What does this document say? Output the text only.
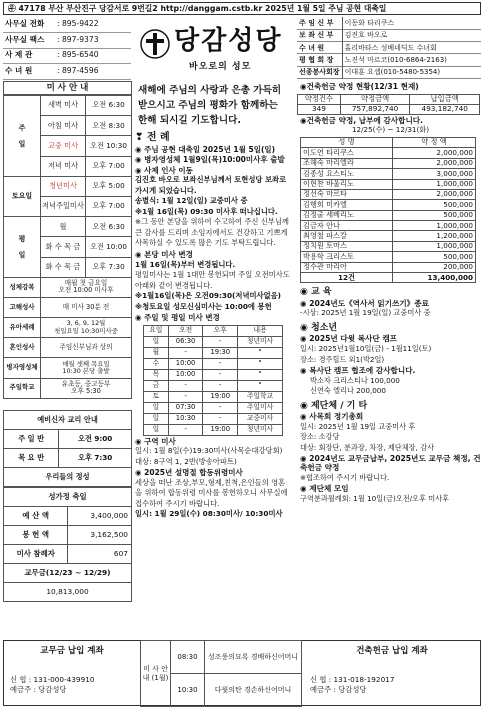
㉾ 47178 부산 부산진구 당감서로 9번길2 http://danggam.cstb.kr 2025년 1월 5일 주님 공현 대축일
사무실 전화	: 895-9422
사무실 팩스	: 897-9373
사 제 관	: 895-6540
수 녀 원	: 897-4596
당감성당
바오로의 성모
주 임 신 부	이동화 타리쿠스
보 좌 신 부	김진호 바오로
수 녀 원	홀리바타스 성베네딕도 수녀회
평 협 회 장	노진석 마르코(010-6864-2163)
선종봉사회장	이대훈 요셉(010-5480-5354)
미 사 안 내
주

일	새벽 미사	오전 6:30
	아침 미사	오전 8:30
	교중 미사	오전 10:30
	저녁 미사	오후 7:00
토요일	청년미사	오후 5:00
	저녁주일미사	오후 7:00
평

일	월	오전 6:30
	화 수 목 금	오전 10:00
	화 수 목 금	오후 7:30
성체강복	매월 첫 금요일
오전 10:00 미사후	
고해성사	매 미사 30분 전	
유아세례	3, 6, 9, 12월
첫일요일 10:30미사중	
혼인성사	주임신부님과 상의	
병자영성체	매월 셋째 목요일
10:30 본당 출발	
주일학교	유초등, 중고등부
오후 5:30	
예비신자 교리 안내	
주 일 반	오전 9:00
목 요 반	오후 7:30
우리들의 정성	
성가정 축일	
예 산 액	3,400,000
봉 헌 액	3,162,500
미사 참례자	607
교무금(12/23 ~ 12/29)	
10,813,000	
새해에 주님의 사랑과 은총 가득히 받으시고 주님의 평화가 함께하는 한해 되시길 기도합니다.
❣ 전 례
◉ 주님 공현 대축일 2025년 1월 5일(일)
◉ 병자영성체 1월9일(목)10:00미사후 출발
◉ 사제 인사 이동
김진호 바오로 보좌신부님께서 토현성당 보좌로 가시게 되었습니다.
송별식: 1월 12일(일) 교중미사 중
※1월 16일(목) 09:30 미사후 떠나십니다.
※그 동안 본당을 위하여 수고하여 주신 신부님께 큰 감사를 드리며 소임지에서도 건강하고 기쁘게 사목하실 수 있도록 많은 기도 부탁드립니다.
◉ 본당 미사 변경
1월 16일(목)부터 변경됩니다.
평일미사는 1월 1대만 봉헌되며 주일 오전미사도 아래와 같이 변경됩니다.
※1월16일(목)은 오전09:30(저녁미사없음)
※청토요일 성모신심미사는 10:00에 봉헌
◉ 주일 및 평일 미사 변경
요일	오전	오후	내용
일	06:30	-	청년미사
월	-	19:30	"
수	10:00	-	"
목	10:00	-	"
금	-	-	"
토	-	19:00	주일학교
일	07:30	-	주일미사
일	10:30	-	교중미사
일	-	19:00	청년미사
◉ 구역 미사
일시: 1월 8일(수)19:30미사(사목순대강당회)
대상: 8구역 1, 2반(방송아파트)
◉ 2025년 설명절 합동위령미사
세상을 떠난 조상,부모,형제,친척,은인들의 영혼을 위하여 합동위령 미사를 봉헌하오니 사무실에 접수하여 주시기 바랍니다.
일시: 1월 29일(수) 08:30미사/ 10:30미사
◉건축헌금 약정 현황(12/31 현재)
약정건수	약정금액	납입금액
349	757,892,740	493,182,740
◉건축헌금 약정, 납부에 감사합니다.
12/25(수) ~ 12/31(화)
성 명	약 정 액
이도연 타리쿠스	2,000,000
조해숙 마리엘라	2,000,000
김종성 요스티노	3,000,000
이현찬 바울리노	1,000,000
정선숙 마르타	2,000,000
김행희 미카엘	500,000
김정출 세베리노	500,000
김금자 안나	1,000,000
최영철 파스칼	1,200,000
정치원 토마스	1,000,000
박용학 크리스토	500,000
정수관 마리아	200,000
12건	13,400,000
◉ 교 육
◉ 2024년도《역사서 읽기쓰기》종료
-시상: 2025년 1월 19일(일) 교중미사 중
◉ 청소년
◉ 2025년 다윗 복사단 캠프
일시: 2025년1월10일(금) - 1월11일(토)
장소: 경주힐드 외1(박2일)
◉ 복사단 캠프 협조에 감사합니다.
박소자 크리스티나 100,000
신연숙 엘리나 200,000
◉ 제단체 / 기 타
◉ 사목회 정기총회
일시: 2025년 1월 19일 교중미사 후
장소: 소강당
대상: 회장단, 분과장, 차장, 제단체장, 감사
◉ 2024년도 교무금납부, 2025년도 교무금 책정, 건축헌금 약정
※협조하여 주시기 바랍니다.
◉ 제단체 모임
구역분과월례회: 1월 10일(금)오전/오후 미사후
교무금 납입 계좌
신 협 : 131-000-439910
예금주 : 당감성당
미 사 안 내 (1월)	08:30	성조풍의묘록 경배하신어머니
	10:30	다윗의탄 경손하신어머니
건축헌금 납입 계좌
신 협 : 131-018-192017
예금주 : 당감성당
